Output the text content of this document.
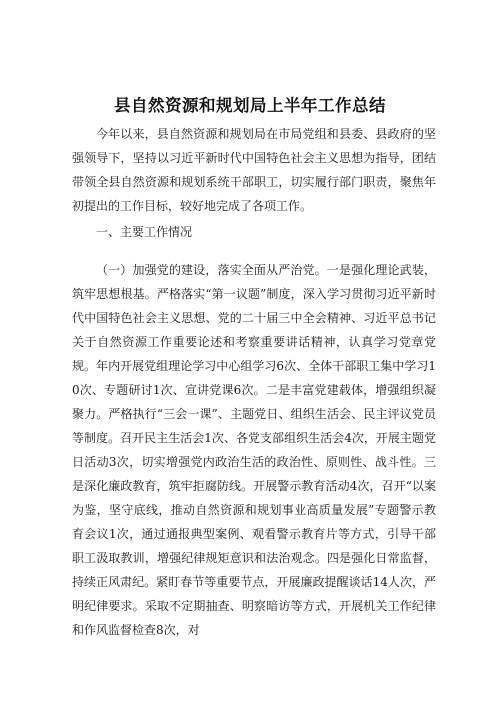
县自然资源和规划局上半年工作总结

今年以来，县自然资源和规划局在市局党组和县委、县政府的坚强领导下，坚持以习近平新时代中国特色社会主义思想为指导，团结带领全县自然资源和规划系统干部职工，切实履行部门职责，聚焦年初提出的工作目标，较好地完成了各项工作。

一、主要工作情况

（一）加强党的建设，落实全面从严治党。一是强化理论武装，筑牢思想根基。严格落实“第一议题”制度，深入学习贯彻习近平新时代中国特色社会主义思想、党的二十届三中全会精神、习近平总书记关于自然资源工作重要论述和考察重要讲话精神，认真学习党章党规。年内开展党组理论学习中心组学习6次、全体干部职工集中学习10次、专题研讨1次、宣讲党课6次。二是丰富党建载体，增强组织凝聚力。严格执行“三会一课”、主题党日、组织生活会、民主评议党员等制度。召开民主生活会1次、各党支部组织生活会4次，开展主题党日活动3次，切实增强党内政治生活的政治性、原则性、战斗性。三是深化廉政教育，筑牢拒腐防线。开展警示教育活动4次，召开“以案为鉴，坚守底线，推动自然资源和规划事业高质量发展”专题警示教育会议1次，通过通报典型案例、观看警示教育片等方式，引导干部职工汲取教训，增强纪律规矩意识和法治观念。四是强化日常监督，持续正风肃纪。紧盯春节等重要节点，开展廉政提醒谈话14人次，严明纪律要求。采取不定期抽查、明察暗访等方式，开展机关工作纪律和作风监督检查8次，对
